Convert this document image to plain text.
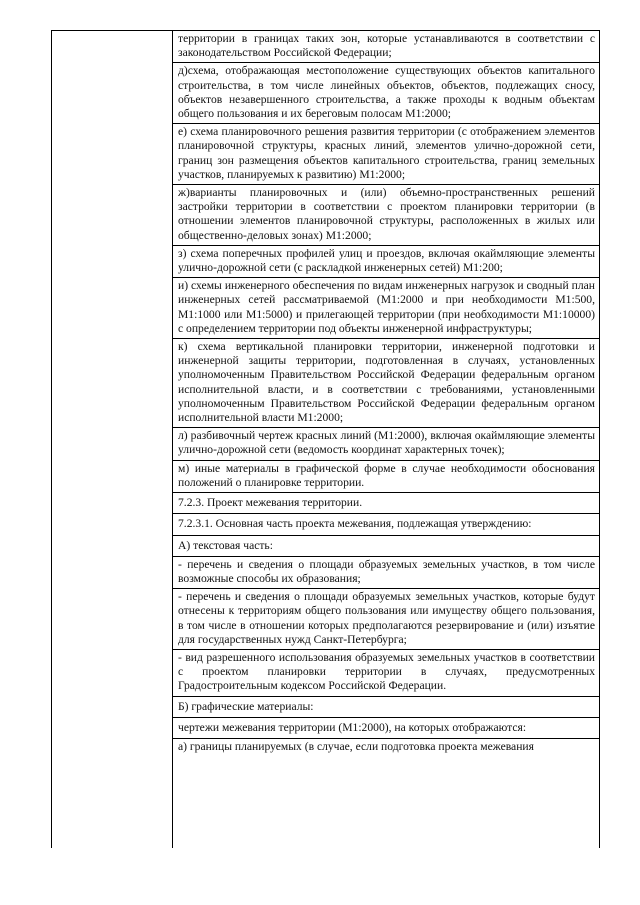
территории в границах таких зон, которые устанавливаются в соответствии с законодательством Российской Федерации;

д)схема, отображающая местоположение существующих объектов капитального строительства, в том числе линейных объектов, объектов, подлежащих сносу, объектов незавершенного строительства, а также проходы к водным объектам общего пользования и их береговым полосам М1:2000;

е) схема планировочного решения развития территории (с отображением элементов планировочной структуры, красных линий, элементов улично-дорожной сети, границ зон размещения объектов капитального строительства, границ земельных участков, планируемых к развитию) М1:2000;

ж)варианты планировочных и (или) объемно-пространственных решений застройки территории в соответствии с проектом планировки территории (в отношении элементов планировочной структуры, расположенных в жилых или общественно-деловых зонах) М1:2000;

з) схема поперечных профилей улиц и проездов, включая окаймляющие элементы улично-дорожной сети (с раскладкой инженерных сетей) М1:200;

и) схемы инженерного обеспечения по видам инженерных нагрузок и сводный план инженерных сетей рассматриваемой (М1:2000 и при необходимости М1:500, М1:1000 или М1:5000) и прилегающей территории (при необходимости М1:10000) с определением территории под объекты инженерной инфраструктуры;

к) схема вертикальной планировки территории, инженерной подготовки и инженерной защиты территории, подготовленная в случаях, установленных уполномоченным Правительством Российской Федерации федеральным органом исполнительной власти, и в соответствии с требованиями, установленными уполномоченным Правительством Российской Федерации федеральным органом исполнительной власти М1:2000;

л) разбивочный чертеж красных линий (М1:2000), включая окаймляющие элементы улично-дорожной сети (ведомость координат характерных точек);

м) иные материалы в графической форме в случае необходимости обоснования положений о планировке территории.

7.2.3. Проект межевания территории.

7.2.3.1. Основная часть проекта межевания, подлежащая утверждению:

А) текстовая часть:

- перечень и сведения о площади образуемых земельных участков, в том числе возможные способы их образования;

- перечень и сведения о площади образуемых земельных участков, которые будут отнесены к территориям общего пользования или имуществу общего пользования, в том числе в отношении которых предполагаются резервирование и (или) изъятие для государственных нужд Санкт-Петербурга;

- вид разрешенного использования образуемых земельных участков в соответствии с проектом планировки территории в случаях, предусмотренных Градостроительным кодексом Российской Федерации.

Б) графические материалы:

чертежи межевания территории (М1:2000), на которых отображаются:

а) границы планируемых (в случае, если подготовка проекта межевания
